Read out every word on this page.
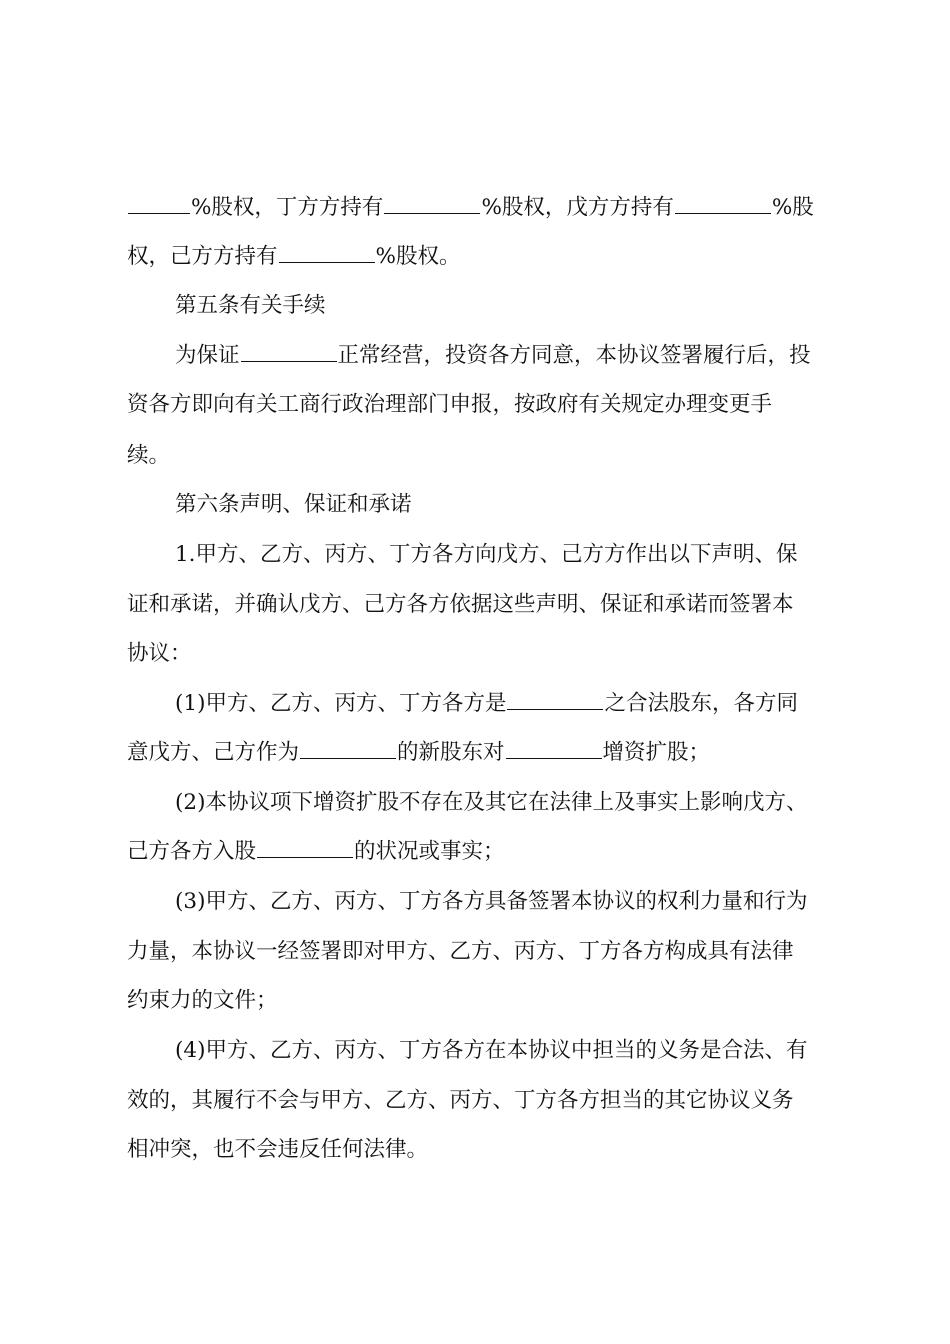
%股权，丁方方持有	%股权，戊方方持有	%股
权，己方方持有	%股权。
第五条有关手续
为保证	正常经营，投资各方同意，本协议签署履行后，投
资各方即向有关工商行政治理部门申报，按政府有关规定办理变更手
续。
第六条声明、保证和承诺
1.甲方、乙方、丙方、丁方各方向戊方、己方方作出以下声明、保
证和承诺，并确认戊方、己方各方依据这些声明、保证和承诺而签署本
协议：
(1)甲方、乙方、丙方、丁方各方是	之合法股东，各方同
意戊方、己方作为	的新股东对	增资扩股；
(2)本协议项下增资扩股不存在及其它在法律上及事实上影响戊方、
己方各方入股	的状况或事实；
(3)甲方、乙方、丙方、丁方各方具备签署本协议的权利力量和行为
力量，本协议一经签署即对甲方、乙方、丙方、丁方各方构成具有法律
约束力的文件；
(4)甲方、乙方、丙方、丁方各方在本协议中担当的义务是合法、有
效的，其履行不会与甲方、乙方、丙方、丁方各方担当的其它协议义务
相冲突，也不会违反任何法律。
